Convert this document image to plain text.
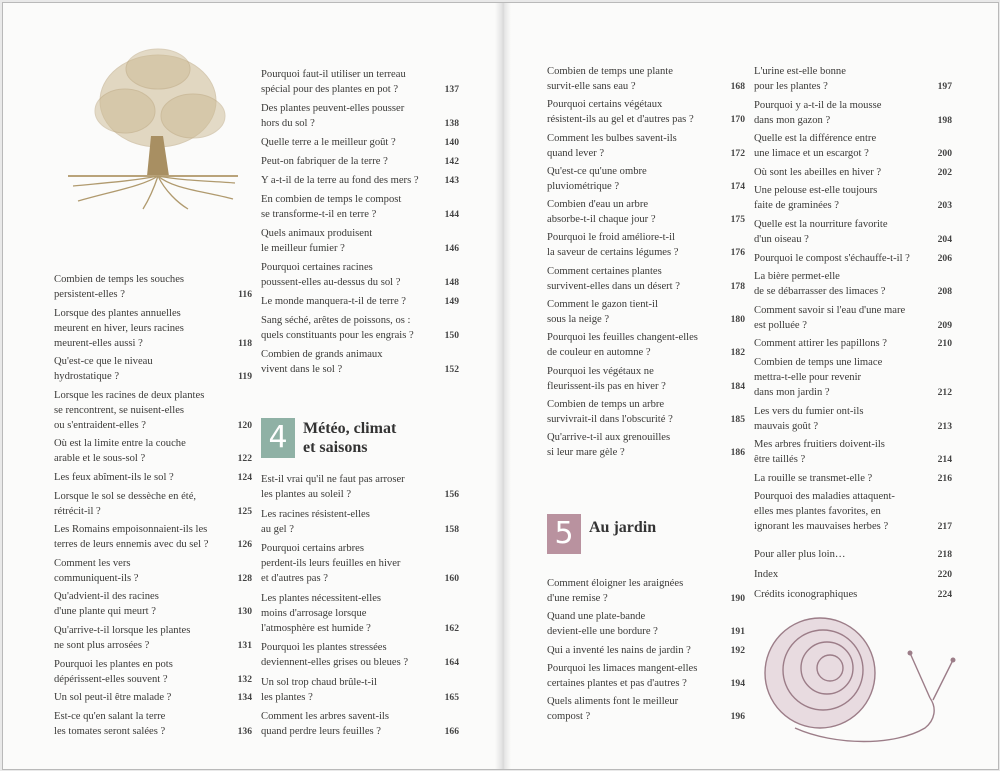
Combien de temps les souches
persistent-elles ?	116
Lorsque des plantes annuelles
meurent en hiver, leurs racines
meurent-elles aussi ?	118
Qu'est-ce que le niveau
hydrostatique ?	119
Lorsque les racines de deux plantes
se rencontrent, se nuisent-elles
ou s'entraident-elles ?	120
Où est la limite entre la couche
arable et le sous-sol ?	122
Les feux abîment-ils le sol ?	124
Lorsque le sol se dessèche en été,
rétrécit-il ?	125
Les Romains empoisonnaient-ils les
terres de leurs ennemis avec du sel ?	126
Comment les vers
communiquent-ils ?	128
Qu'advient-il des racines
d'une plante qui meurt ?	130
Qu'arrive-t-il lorsque les plantes
ne sont plus arrosées ?	131
Pourquoi les plantes en pots
dépérissent-elles souvent ?	132
Un sol peut-il être malade ?	134
Est-ce qu'en salant la terre
les tomates seront salées ?	136
Pourquoi faut-il utiliser un terreau
spécial pour des plantes en pot ?	137
Des plantes peuvent-elles pousser
hors du sol ?	138
Quelle terre a le meilleur goût ?	140
Peut-on fabriquer de la terre ?	142
Y a-t-il de la terre au fond des mers ?	143
En combien de temps le compost
se transforme-t-il en terre ?	144
Quels animaux produisent
le meilleur fumier ?	146
Pourquoi certaines racines
poussent-elles au-dessus du sol ?	148
Le monde manquera-t-il de terre ?	149
Sang séché, arêtes de poissons, os :
quels constituants pour les engrais ?	150
Combien de grands animaux
vivent dans le sol ?	152
4 Météo, climat
et saisons
Est-il vrai qu'il ne faut pas arroser
les plantes au soleil ?	156
Les racines résistent-elles
au gel ?	158
Pourquoi certains arbres
perdent-ils leurs feuilles en hiver
et d'autres pas ?	160
Les plantes nécessitent-elles
moins d'arrosage lorsque
l'atmosphère est humide ?	162
Pourquoi les plantes stressées
deviennent-elles grises ou bleues ?	164
Un sol trop chaud brûle-t-il
les plantes ?	165
Comment les arbres savent-ils
quand perdre leurs feuilles ?	166
Combien de temps une plante
survit-elle sans eau ?	168
Pourquoi certains végétaux
résistent-ils au gel et d'autres pas ?	170
Comment les bulbes savent-ils
quand lever ?	172
Qu'est-ce qu'une ombre
pluviométrique ?	174
Combien d'eau un arbre
absorbe-t-il chaque jour ?	175
Pourquoi le froid améliore-t-il
la saveur de certains légumes ?	176
Comment certaines plantes
survivent-elles dans un désert ?	178
Comment le gazon tient-il
sous la neige ?	180
Pourquoi les feuilles changent-elles
de couleur en automne ?	182
Pourquoi les végétaux ne
fleurissent-ils pas en hiver ?	184
Combien de temps un arbre
survivrait-il dans l'obscurité ?	185
Qu'arrive-t-il aux grenouilles
si leur mare gèle ?	186
5 Au jardin
Comment éloigner les araignées
d'une remise ?	190
Quand une plate-bande
devient-elle une bordure ?	191
Qui a inventé les nains de jardin ?	192
Pourquoi les limaces mangent-elles
certaines plantes et pas d'autres ?	194
Quels aliments font le meilleur
compost ?	196
L'urine est-elle bonne
pour les plantes ?	197
Pourquoi y a-t-il de la mousse
dans mon gazon ?	198
Quelle est la différence entre
une limace et un escargot ?	200
Où sont les abeilles en hiver ?	202
Une pelouse est-elle toujours
faite de graminées ?	203
Quelle est la nourriture favorite
d'un oiseau ?	204
Pourquoi le compost s'échauffe-t-il ?	206
La bière permet-elle
de se débarrasser des limaces ?	208
Comment savoir si l'eau d'une mare
est polluée ?	209
Comment attirer les papillons ?	210
Combien de temps une limace
mettra-t-elle pour revenir
dans mon jardin ?	212
Les vers du fumier ont-ils
mauvais goût ?	213
Mes arbres fruitiers doivent-ils
être taillés ?	214
La rouille se transmet-elle ?	216
Pourquoi des maladies attaquent-
elles mes plantes favorites, en
ignorant les mauvaises herbes ?	217
Pour aller plus loin…	218
Index	220
Crédits iconographiques	224
